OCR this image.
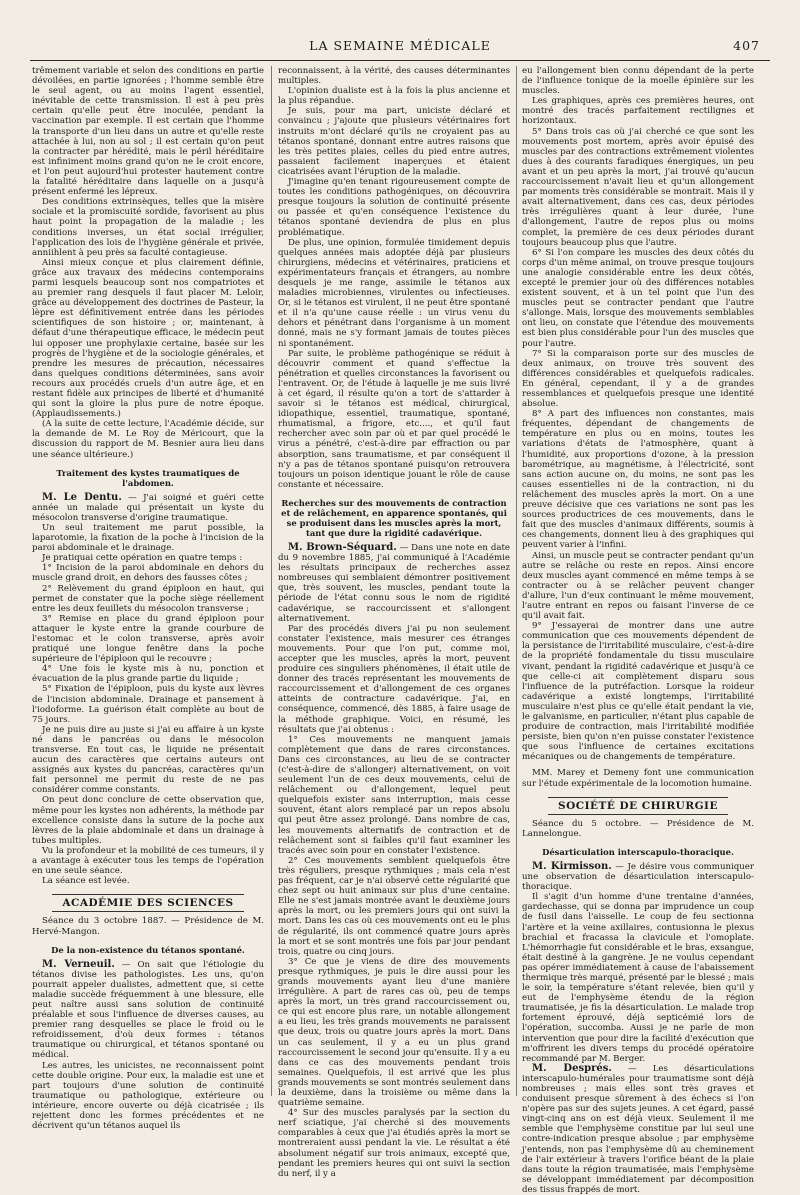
LA SEMAINE MÉDICALE	407

trêmement variable et selon des conditions en partie dévoilées, en partie ignorées ; l'homme semble être le seul agent, ou au moins l'agent essentiel, inévitable de cette transmission. Il est à peu près certain qu'elle peut être inoculée, pendant la vaccination par exemple. Il est certain que l'homme la transporte d'un lieu dans un autre et qu'elle reste attachée à lui, non au sol ; il est certain qu'on peut la contracter par hérédité, mais le péril héréditaire est infiniment moins grand qu'on ne le croit encore, et l'on peut aujourd'hui protester hautement contre la fatalité héréditaire dans laquelle on a jusqu'à présent enfermé les lépreux.

Des conditions extrinsèques, telles que la misère sociale et la promiscuité sordide, favorisent au plus haut point la propagation de la maladie ; les conditions inverses, un état social irrégulier, l'application des lois de l'hygiène générale et privée, anniihlent à peu près sa faculté contagieuse.

Ainsi mieux conçue et plus clairement définie, grâce aux travaux des médecins contemporains parmi lesquels beaucoup sont nos compatriotes et au premier rang desquels il faut placer M. Leloir, grâce au développement des doctrines de Pasteur, la lèpre est définitivement entrée dans les périodes scientifiques de son histoire ; or, maintenant, à défaut d'une thérapeutique efficace, le médecin peut lui opposer une prophylaxie certaine, basée sur les progrès de l'hygiène et de la sociologie générales, et prendre les mesures de précaution, nécessaires dans quelques conditions déterminées, sans avoir recours aux procédés cruels d'un autre âge, et en restant fidèle aux principes de liberté et d'humanité qui sont la gloire la plus pure de notre époque. (Applaudissements.)

(A la suite de cette lecture, l'Académie décide, sur la demande de M. Le Roy de Méricourt, que la discussion du rapport de M. Besnier aura lieu dans une séance ultérieure.)

Traitement des kystes traumatiques de l'abdomen.

M. Le Dentu. — J'ai soigné et guéri cette année un malade qui présentait un kyste du mésocolon transverse d'origine traumatique.

Un seul traitement me parut possible, la laparotomie, la fixation de la poche à l'incision de la paroi abdominale et le drainage.

Je pratiquai cette opération en quatre temps :

1° Incision de la paroi abdominale en dehors du muscle grand droit, en dehors des fausses côtes ;

2° Relèvement du grand épiploon en haut, qui permet de constater que la poche siège réellement entre les deux feuillets du mésocolon transverse ;

3° Remise en place du grand épiploon pour attaquer le kyste entre la grande courbure de l'estomac et le colon transverse, après avoir pratiqué une longue fenêtre dans la poche supérieure de l'épiploon qui le recouvre ;

4° Une fois le kyste mis à nu, ponction et évacuation de la plus grande partie du liquide ;

5° Fixation de l'épiploon, puis du kyste aux lèvres de l'incision abdominale. Drainage et pansement à l'iodoforme. La guérison était complète au bout de 75 jours.

Je ne puis dire au juste si j'ai eu affaire à un kyste né dans le pancréas ou dans le mésocolon transverse. En tout cas, le liquide ne présentait aucun des caractères que certains auteurs ont assignés aux kystes du pancréas, caractères qu'un fait personnel me permit du reste de ne pas considérer comme constants.

On peut donc conclure de cette observation que, même pour les kystes non adhérents, la méthode par excellence consiste dans la suture de la poche aux lèvres de la plaie abdominale et dans un drainage à tubes multiples.

Vu la profondeur et la mobilité de ces tumeurs, il y a avantage à exécuter tous les temps de l'opération en une seule séance.

La séance est levée.

ACADÉMIE DES SCIENCES

Séance du 3 octobre 1887. — Présidence de M. Hervé-Mangon.

De la non-existence du tétanos spontané.

M. Verneuil. — On sait que l'étiologie du tétanos divise les pathologistes. Les uns, qu'on pourrait appeler dualistes, admettent que, si cette maladie succède fréquemment à une blessure, elle peut naître aussi sans solution de continuité préalable et sous l'influence de diverses causes, au premier rang desquelles se place le froid ou le refroidissement, d'où deux formes : tétanos traumatique ou chirurgical, et tétanos spontané ou médical.

Les autres, les unicistes, ne reconnaissent point cette double origine. Pour eux, la maladie est une et part toujours d'une solution de continuité traumatique ou pathologique, extérieure ou intérieure, encore ouverte ou déjà cicatrisée ; ils rejettent donc les formes précédentes et ne décrivent qu'un tétanos auquel ils

reconnaissent, à la vérité, des causes déterminantes multiples.

L'opinion dualiste est à la fois la plus ancienne et la plus répandue.

Je suis, pour ma part, uniciste déclaré et convaincu ; j'ajoute que plusieurs vétérinaires fort instruits m'ont déclaré qu'ils ne croyaient pas au tétanos spontané, donnant entre autres raisons que les très petites plaies, celles du pied entre autres, passaient facilement inaperçues et étaient cicatrisées avant l'éruption de la maladie.

J'imagine qu'en tenant rigoureusement compte de toutes les conditions pathogéniques, on découvrira presque toujours la solution de continuité présente ou passée et qu'en conséquence l'existence du tétanos spontané deviendra de plus en plus problématique.

De plus, une opinion, formulée timidement depuis quelques années mais adoptée déjà par plusieurs chirurgiens, médecins et vétérinaires, praticiens et expérimentateurs français et étrangers, au nombre desquels je me range, assimile le tétanos aux maladies microbiennes, virulentes ou infectieuses. Or, si le tétanos est virulent, il ne peut être spontané et il n'a qu'une cause réelle : un virus venu du dehors et pénétrant dans l'organisme à un moment donné, mais ne s'y formant jamais de toutes pièces ni spontanément.

Par suite, le problème pathogénique se réduit à découvrir comment et quand s'effectue la pénétration et quelles circonstances la favorisent ou l'entravent. Or, de l'étude à laquelle je me suis livré à cet égard, il résulte qu'on a tort de s'attarder à savoir si le tétanos est médical, chirurgical, idiopathique, essentiel, traumatique, spontané, rhumatismal, a frigore, etc...., et qu'il faut rechercher avec soin par où et par quel procédé le virus a pénétré, c'est-à-dire par effraction ou par absorption, sans traumatisme, et par conséquent il n'y a pas de tétanos spontané puisqu'on retrouvera toujours un poison identique jouant le rôle de cause constante et nécessaire.

Recherches sur des mouvements de contraction et de relâchement, en apparence spontanés, qui se produisent dans les muscles après la mort, tant que dure la rigidité cadavérique.

M. Brown-Séquard. — Dans une note en date du 9 novembre 1885, j'ai communiqué à l'Académie les résultats principaux de recherches assez nombreuses qui semblaient démontrer positivement que, très souvent, les muscles, pendant toute la période de l'état connu sous le nom de rigidité cadavérique, se raccourcissent et s'allongent alternativement.

Par des procédés divers j'ai pu non seulement constater l'existence, mais mesurer ces étranges mouvements. Pour que l'on put, comme moi, accepter que les muscles, après la mort, peuvent produire ces singuliers phénomènes, il était utile de donner des tracés représentant les mouvements de raccourcissement et d'allongement de ces organes atteints de contracture cadavérique. J'ai, en conséquence, commencé, dès 1885, à faire usage de la méthode graphique. Voici, en résumé, les résultats que j'ai obtenus :

1° Ces mouvements ne manquent jamais complètement que dans de rares circonstances. Dans ces circonstances, au lieu de se contracter (c'est-à-dire de s'allonger) alternativement, on voit seulement l'un de ces deux mouvements, celui de relâchement ou d'allongement, lequel peut quelquefois exister sans interruption, mais cesse souvent, étant alors remplacé par un repos absolu qui peut être assez prolongé. Dans nombre de cas, les mouvements alternatifs de contraction et de relâchement sont si faibles qu'il faut examiner les tracés avec soin pour en constater l'existence.

2° Ces mouvements semblent quelquefois être très réguliers, presque rythmiques ; mais cela n'est pas fréquent, car je n'ai observé cette régularité que chez sept ou huit animaux sur plus d'une centaine. Elle ne s'est jamais montrée avant le deuxième jours après la mort, ou les premiers jours qui ont suivi la mort. Dans les cas où ces mouvements ont eu le plus de régularité, ils ont commencé quatre jours après la mort et se sont montrés une fois par jour pendant trois, quatre ou cinq jours.

3° Ce que je viens de dire des mouvements presque rythmiques, je puis le dire aussi pour les grands mouvements ayant lieu d'une manière irrégulière. A part de rares cas où, peu de temps après la mort, un très grand raccourcissement ou, ce qui est encore plus rare, un notable allongement a eu lieu, les très grands mouvements ne paraissent que deux, trois ou quatre jours après la mort. Dans un cas seulement, il y a eu un plus grand raccourcissement le second jour qu'ensuite. Il y a eu dans ce cas des mouvements pendant trois semaines. Quelquefois, il est arrivé que les plus grands mouvements se sont montrés seulement dans la deuxième, dans la troisième ou même dans la quatrième semaine.

4° Sur des muscles paralysés par la section du nerf sciatique, j'ai cherché si des mouvements comparables à ceux que j'ai étudiés après la mort se montreraient aussi pendant la vie. Le résultat a été absolument négatif sur trois animaux, excepté que, pendant les premiers heures qui ont suivi la section du nerf, il y a

eu l'allongement bien connu dépendant de la perte de l'influence tonique de la moelle épinière sur les muscles.

Les graphiques, après ces premières heures, ont montré des tracés parfaitement rectilignes et horizontaux.

5° Dans trois cas où j'ai cherché ce que sont les mouvements post mortem, après avoir épuisé des muscles par des contractions extrêmement violentes dues à des courants faradiques énergiques, un peu avant et un peu après la mort, j'ai trouvé qu'aucun raccourcissement n'avait lieu et qu'un allongement par moments très considérable se montrait. Mais il y avait alternativement, dans ces cas, deux périodes très irrégulières quant à leur durée, l'une d'allongement, l'autre de repos plus ou moins complet, la première de ces deux périodes durant toujours beaucoup plus que l'autre.

6° Si l'on compare les muscles des deux côtés du corps d'un même animal, on trouve presque toujours une analogie considérable entre les deux côtés, excepté le premier jour où des différences notables existent souvent, et à un tel point que l'un des muscles peut se contracter pendant que l'autre s'allonge. Mais, lorsque des mouvements semblables ont lieu, on constate que l'étendue des mouvements est bien plus considérable pour l'un des muscles que pour l'autre.

7° Si la comparaison porte sur des muscles de deux animaux, on trouve très souvent des différences considérables et quelquefois radicales. En général, cependant, il y a de grandes ressemblances et quelquefois presque une identité absolue.

8° A part des influences non constantes, mais fréquentes, dépendant de changements de température en plus ou en moins, toutes les variations d'états de l'atmosphère, quant à l'humidité, aux proportions d'ozone, à la pression barométrique, au magnétisme, à l'électricité, sont sans action aucune on, du moins, ne sont pas les causes essentielles ni de la contraction, ni du relâchement des muscles après la mort. On a une preuve décisive que ces variations ne sont pas les sources productrices de ces mouvements, dans le fait que des muscles d'animaux différents, soumis à ces changements, donnent lieu à des graphiques qui peuvent varier à l'infini.

Ainsi, un muscle peut se contracter pendant qu'un autre se relâche ou reste en repos. Ainsi encore deux muscles ayant commencé en même temps à se contracter ou à se relâcher peuvent changer d'allure, l'un d'eux continuant le même mouvement, l'autre entrant en repos ou faisant l'inverse de ce qu'il avait fait.

9° J'essayerai de montrer dans une autre communication que ces mouvements dépendent de la persistance de l'irritabilité musculaire, c'est-à-dire de la propriété fondamentale du tissu musculaire vivant, pendant la rigidité cadavérique et jusqu'à ce que celle-ci ait complètement disparu sous l'influence de la putréfaction. Lorsque la roideur cadavérique a existé longtemps, l'irritabilité musculaire n'est plus ce qu'elle était pendant la vie, le galvanisme, en particulier, n'étant plus capable de produire de contraction, mais l'irritabilité modifiée persiste, bien qu'on n'en puisse constater l'existence que sous l'influence de certaines excitations mécaniques ou de changements de température.

MM. Marey et Demeny font une communication sur l'étude expérimentale de la locomotion humaine.

SOCIÉTÉ DE CHIRURGIE

Séance du 5 octobre. — Présidence de M. Lannelongue.

Désarticulation interscapulo-thoracique.

M. Kirmisson. — Je désire vous communiquer une observation de désarticulation interscapulo-thoracique.

Il s'agit d'un homme d'une trentaine d'années, gardechasse, qui se donna par imprudence un coup de fusil dans l'aisselle. Le coup de feu sectionna l'artère et la veine axillaires, contusionna le plexus brachial et fracassa la clavicule et l'omoplate. L'hémorrhagie fut considérable et le bras, exsangue, était destiné à la gangrène. Je ne voulus cependant pas opérer immédiatement à cause de l'abaissement thermique très marqué, présenté par le blessé ; mais le soir, la température s'étant relevée, bien qu'il y eut de l'emphysème étendu de la région traumatisée, je fis la désarticulation. Le malade trop fortement éprouvé, déjà septicémié lors de l'opération, succomba. Aussi je ne parle de mon intervention que pour dire la facilité d'exécution que m'offrirent les divers temps du procédé opératoire recommandé par M. Berger.

M. Després. — Les désarticulations interscapulo-humérales pour traumatisme sont déjà nombreuses ; mais elles sont très graves et conduisent presque sûrement à des échecs si l'on n'opère pas sur des sujets jeunes. A cet égard, passé vingt-cinq ans on est déjà vieux. Seulement il me semble que l'emphysème constitue par lui seul une contre-indication presque absolue ; par emphysème j'entends, non pas l'emphysème dû au cheminement de l'air extérieur à travers l'orifice béant de la plaie dans toute la région traumatisée, mais l'emphysème se développant immédiatement par décomposition des tissus frappés de mort.
